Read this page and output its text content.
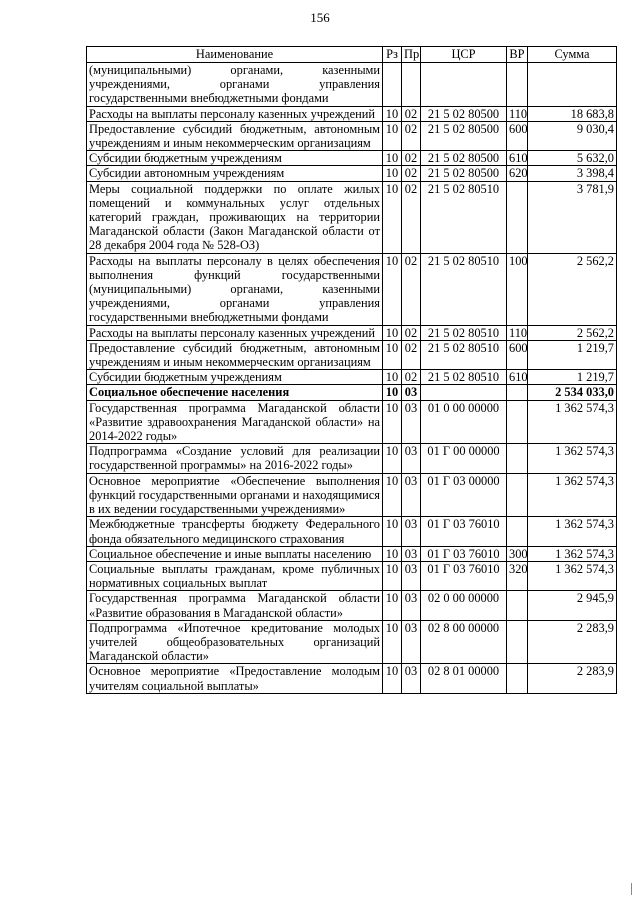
156
Наименование	Рз	Пр	ЦСР	ВР	Сумма
(муниципальными) органами, казенными учреждениями, органами управления государственными внебюджетными фондами					
Расходы на выплаты персоналу казенных учреждений	10	02	21 5 02 80500	110	18 683,8
Предоставление субсидий бюджетным, автономным учреждениям и иным некоммерческим организациям	10	02	21 5 02 80500	600	9 030,4
Субсидии бюджетным учреждениям	10	02	21 5 02 80500	610	5 632,0
Субсидии автономным учреждениям	10	02	21 5 02 80500	620	3 398,4
Меры социальной поддержки по оплате жилых помещений и коммунальных услуг отдельных категорий граждан, проживающих на территории Магаданской области (Закон Магаданской области от 28 декабря 2004 года № 528-ОЗ)	10	02	21 5 02 80510		3 781,9
Расходы на выплаты персоналу в целях обеспечения выполнения функций государственными (муниципальными) органами, казенными учреждениями, органами управления государственными внебюджетными фондами	10	02	21 5 02 80510	100	2 562,2
Расходы на выплаты персоналу казенных учреждений	10	02	21 5 02 80510	110	2 562,2
Предоставление субсидий бюджетным, автономным учреждениям и иным некоммерческим организациям	10	02	21 5 02 80510	600	1 219,7
Субсидии бюджетным учреждениям	10	02	21 5 02 80510	610	1 219,7
Социальное обеспечение населения	10	03			2 534 033,0
Государственная программа Магаданской области «Развитие здравоохранения Магаданской области» на 2014-2022 годы»	10	03	01 0 00 00000		1 362 574,3
Подпрограмма «Создание условий для реализации государственной программы» на 2016-2022 годы»	10	03	01 Г 00 00000		1 362 574,3
Основное мероприятие «Обеспечение выполнения функций государственными органами и находящимися в их ведении государственными учреждениями»	10	03	01 Г 03 00000		1 362 574,3
Межбюджетные трансферты бюджету Федерального фонда обязательного медицинского страхования	10	03	01 Г 03 76010		1 362 574,3
Социальное обеспечение и иные выплаты населению	10	03	01 Г 03 76010	300	1 362 574,3
Социальные выплаты гражданам, кроме публичных нормативных социальных выплат	10	03	01 Г 03 76010	320	1 362 574,3
Государственная программа Магаданской области «Развитие образования в Магаданской области»	10	03	02 0 00 00000		2 945,9
Подпрограмма «Ипотечное кредитование молодых учителей общеобразовательных организаций Магаданской области»	10	03	02 8 00 00000		2 283,9
Основное мероприятие «Предоставление молодым учителям социальной выплаты»	10	03	02 8 01 00000		2 283,9
